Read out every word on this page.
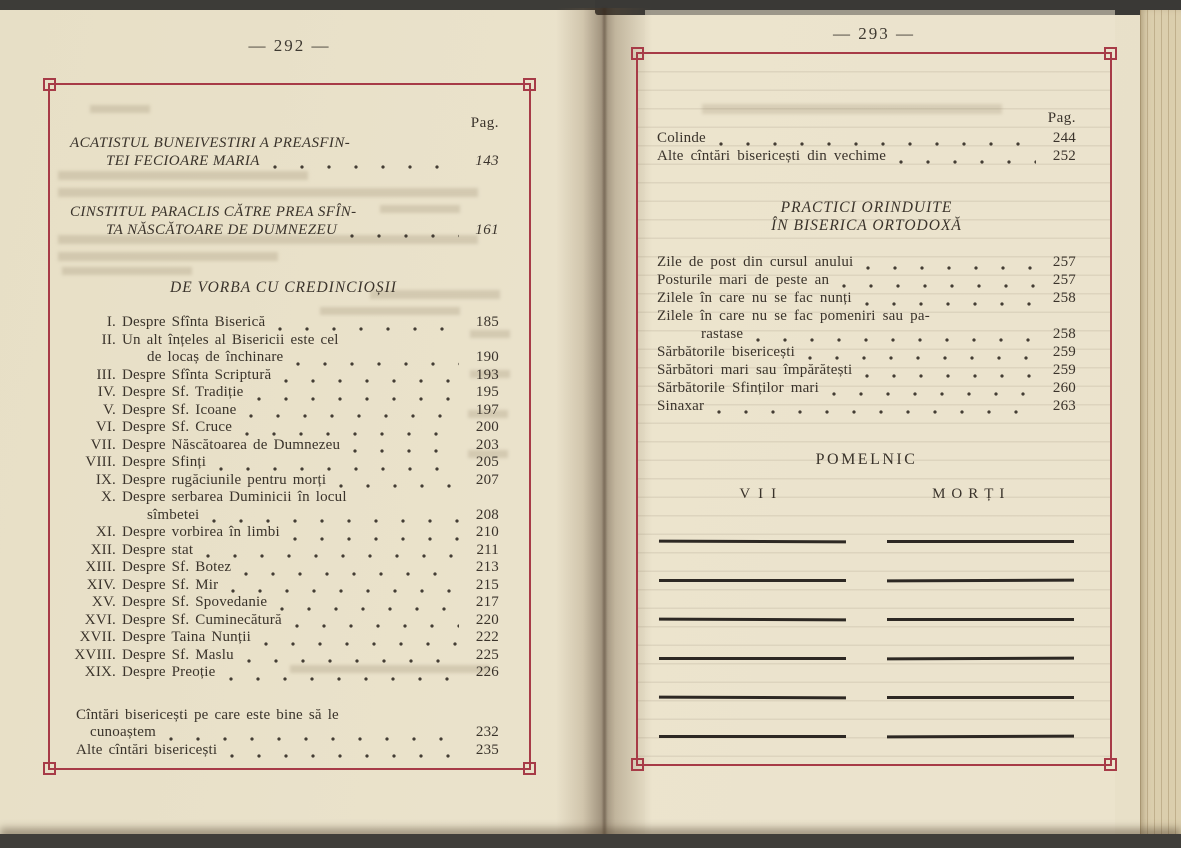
— 292 —
— 293 —
Pag.
ACATISTUL BUNEIVESTIRI A PREASFIN-
TEI FECIOARE MARIA	143
CINSTITUL PARACLIS CĂTRE PREA SFÎN-
TA NĂSCĂTOARE DE DUMNEZEU	161
DE VORBA CU CREDINCIOȘII
I. Despre Sfînta Biserică	185
II. Un alt înțeles al Bisericii este cel
de locaș de închinare	190
III. Despre Sfînta Scriptură	193
IV. Despre Sf. Tradiție	195
V. Despre Sf. Icoane	197
VI. Despre Sf. Cruce	200
VII. Despre Născătoarea de Dumnezeu	203
VIII. Despre Sfinți	205
IX. Despre rugăciunile pentru morți	207
X. Despre serbarea Duminicii în locul
sîmbetei	208
XI. Despre vorbirea în limbi	210
XII. Despre stat	211
XIII. Despre Sf. Botez	213
XIV. Despre Sf. Mir	215
XV. Despre Sf. Spovedanie	217
XVI. Despre Sf. Cuminecătură	220
XVII. Despre Taina Nunții	222
XVIII. Despre Sf. Maslu	225
XIX. Despre Preoție	226
Cîntări bisericești pe care este bine să le
cunoaștem	232
Alte cîntări bisericești	235
Pag.
Colinde	244
Alte cîntări bisericești din vechime	252
PRACTICI ORINDUITE
ÎN BISERICA ORTODOXĂ
Zile de post din cursul anului	257
Posturile mari de peste an	257
Zilele în care nu se fac nunți	258
Zilele în care nu se fac pomeniri sau pa-
rastase	258
Sărbătorile bisericești	259
Sărbători mari sau împărătești	259
Sărbătorile Sfinților mari	260
Sinaxar	263
POMELNIC
VII	MORȚI
